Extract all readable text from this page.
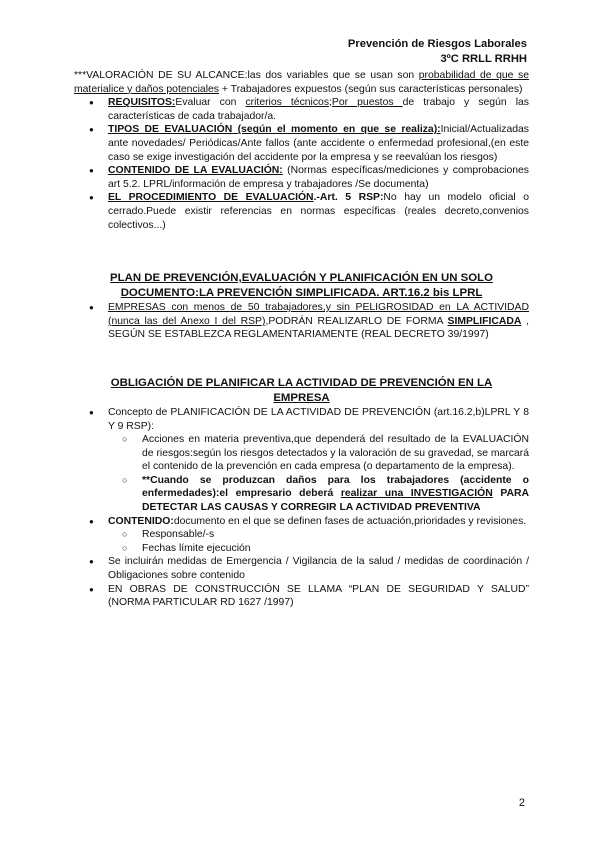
Prevención de Riesgos Laborales
3ºC RRLL RRHH

***VALORACIÓN DE SU ALCANCE:las dos variables que se usan son probabilidad de que se materialice y daños potenciales + Trabajadores expuestos (según sus características personales)

● REQUISITOS:Evaluar con criterios técnicos;Por puestos de trabajo y según las características de cada trabajador/a.
● TIPOS DE EVALUACIÓN (según el momento en que se realiza):Inicial/Actualizadas ante novedades/ Periódicas/Ante fallos (ante accidente o enfermedad profesional,(en este caso se exige investigación del accidente por la empresa y se reevalúan los riesgos)
● CONTENIDO DE LA EVALUACIÓN: (Normas específicas/mediciones y comprobaciones art 5.2. LPRL/información de empresa y trabajadores /Se documenta)
● EL PROCEDIMIENTO DE EVALUACIÓN.-Art. 5 RSP:No hay un modelo oficial o cerrado.Puede existir referencias en normas específicas (reales decreto,convenios colectivos...)

PLAN DE PREVENCIÓN,EVALUACIÓN Y PLANIFICACIÓN EN UN SOLO DOCUMENTO:LA PREVENCIÓN SIMPLIFICADA. ART.16.2 bis LPRL

● EMPRESAS con menos de 50 trabajadores,y sin PELIGROSIDAD en LA ACTIVIDAD (nunca las del Anexo I del RSP),PODRÁN REALIZARLO DE FORMA SIMPLIFICADA , SEGÚN SE ESTABLEZCA REGLAMENTARIAMENTE (REAL DECRETO 39/1997)

OBLIGACIÓN DE PLANIFICAR LA ACTIVIDAD DE PREVENCIÓN EN LA EMPRESA

● Concepto de PLANIFICACIÓN DE LA ACTIVIDAD DE PREVENCIÓN (art.16.2,b)LPRL Y 8 Y 9 RSP):
○ Acciones en materia preventiva,que dependerá del resultado de la EVALUACIÓN de riesgos:según los riesgos detectados y la valoración de su gravedad, se marcará el contenido de la prevención en cada empresa (o departamento de la empresa).
○ **Cuando se produzcan daños para los trabajadores (accidente o enfermedades):el empresario deberá realizar una INVESTIGACIÓN PARA DETECTAR LAS CAUSAS Y CORREGIR LA ACTIVIDAD PREVENTIVA
● CONTENIDO:documento en el que se definen fases de actuación,prioridades y revisiones.
○ Responsable/-s
○ Fechas límite ejecución
● Se incluirán medidas de Emergencia / Vigilancia de la salud / medidas de coordinación / Obligaciones sobre contenido
● EN OBRAS DE CONSTRUCCIÓN SE LLAMA “PLAN DE SEGURIDAD Y SALUD” (NORMA PARTICULAR RD 1627 /1997)
2
